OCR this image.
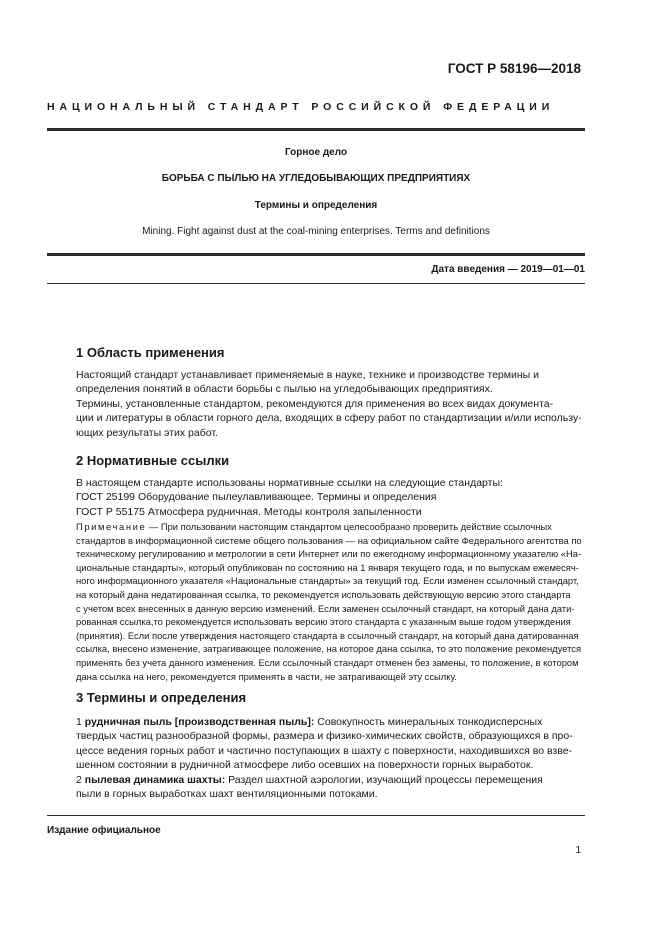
ГОСТ Р 58196—2018
НАЦИОНАЛЬНЫЙ СТАНДАРТ РОССИЙСКОЙ ФЕДЕРАЦИИ
Горное дело
БОРЬБА С ПЫЛЬЮ НА УГЛЕДОБЫВАЮЩИХ ПРЕДПРИЯТИЯХ
Термины и определения
Mining. Fight against dust at the coal-mining enterprises. Terms and definitions
Дата введения — 2019—01—01
1 Область применения
Настоящий стандарт устанавливает применяемые в науке, технике и производстве термины и
определения понятий в области борьбы с пылью на угледобывающих предприятиях.
Термины, установленные стандартом, рекомендуются для применения во всех видах документа-
ции и литературы в области горного дела, входящих в сферу работ по стандартизации и/или использу-
ющих результаты этих работ.
2 Нормативные ссылки
В настоящем стандарте использованы нормативные ссылки на следующие стандарты:
ГОСТ 25199 Оборудование пылеулавливающее. Термины и определения
ГОСТ Р 55175 Атмосфера рудничная. Методы контроля запыленности
Примечание — При пользовании настоящим стандартом целесообразно проверить действие ссылочных
стандартов в информационной системе общего пользования — на официальном сайте Федерального агентства по
техническому регулированию и метрологии в сети Интернет или по ежегодному информационному указателю «На-
циональные стандарты», который опубликован по состоянию на 1 января текущего года, и по выпускам ежемесяч-
ного информационного указателя «Национальные стандарты» за текущий год. Если изменен ссылочный стандарт,
на который дана недатированная ссылка, то рекомендуется использовать действующую версию этого стандарта
с учетом всех внесенных в данную версию изменений. Если заменен ссылочный стандарт, на который дана дати-
рованная ссылка,то рекомендуется использовать версию этого стандарта с указанным выше годом утверждения
(принятия). Если после утверждения настоящего стандарта в ссылочный стандарт, на который дана датированная
ссылка, внесено изменение, затрагивающее положение, на которое дана ссылка, то это положение рекомендуется
применять без учета данного изменения. Если ссылочный стандарт отменен без замены, то положение, в котором
дана ссылка на него, рекомендуется применять в части, не затрагивающей эту ссылку.
3 Термины и определения
1 рудничная пыль [производственная пыль]: Совокупность минеральных тонкодисперсных
твердых частиц разнообразной формы, размера и физико-химических свойств, образующихся в про-
цессе ведения горных работ и частично поступающих в шахту с поверхности, находившихся во взве-
шенном состоянии в рудничной атмосфере либо осевших на поверхности горных выработок.
2 пылевая динамика шахты: Раздел шахтной аэрологии, изучающий процессы перемещения
пыли в горных выработках шахт вентиляционными потоками.
Издание официальное
1
